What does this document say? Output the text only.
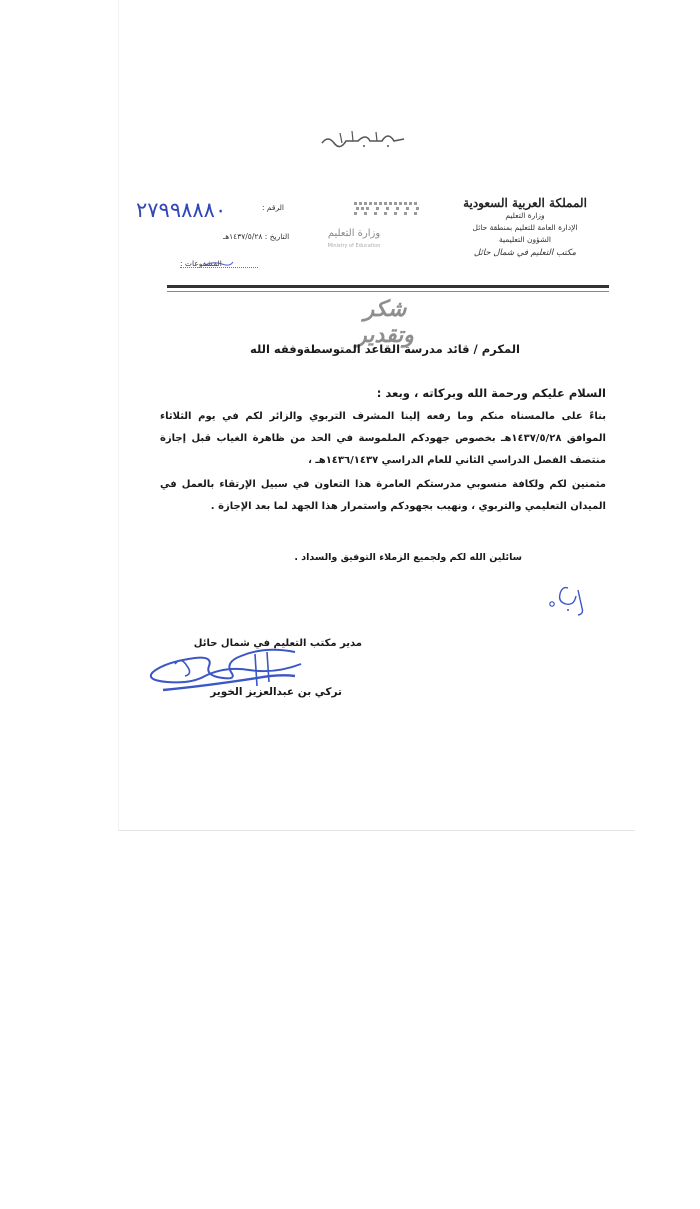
المملكة العربية السعودية
وزارة التعليم
الإدارة العامة للتعليم بمنطقة حائل
الشؤون التعليمية
مكتب التعليم في شمال حائل
وزارة التعليم
Ministry of Education
٢٧٩٩٨٨٨٠	الرقم :
التاريخ : ١٤٣٧/٥/٢٨هـ
المشفوعات :
شكر وتقدير
المكرم / قائد مدرسة القاعد المتوسطة
وفقه الله
السلام عليكم ورحمة الله وبركاته ، وبعد :
بناءً على مالمسناه منكم وما رفعه إلينا المشرف التربوي والزائر لكم في يوم الثلاثاء الموافق ١٤٣٧/٥/٢٨هـ بخصوص جهودكم الملموسة في الحد من ظاهرة الغياب قبل إجازة منتصف الفصل الدراسي الثاني للعام الدراسي ١٤٣٦/١٤٣٧هـ ،
مثمنين لكم ولكافة منسوبي مدرستكم العامرة هذا التعاون في سبيل الإرتقاء بالعمل في الميدان التعليمي والتربوي ، ونهيب بجهودكم واستمرار هذا الجهد لما بعد الإجازة .
سائلين الله لكم ولجميع الزملاء التوفيق والسداد .
مدير مكتب التعليم في شمال حائل
تركي بن عبدالعزيز الخوير
